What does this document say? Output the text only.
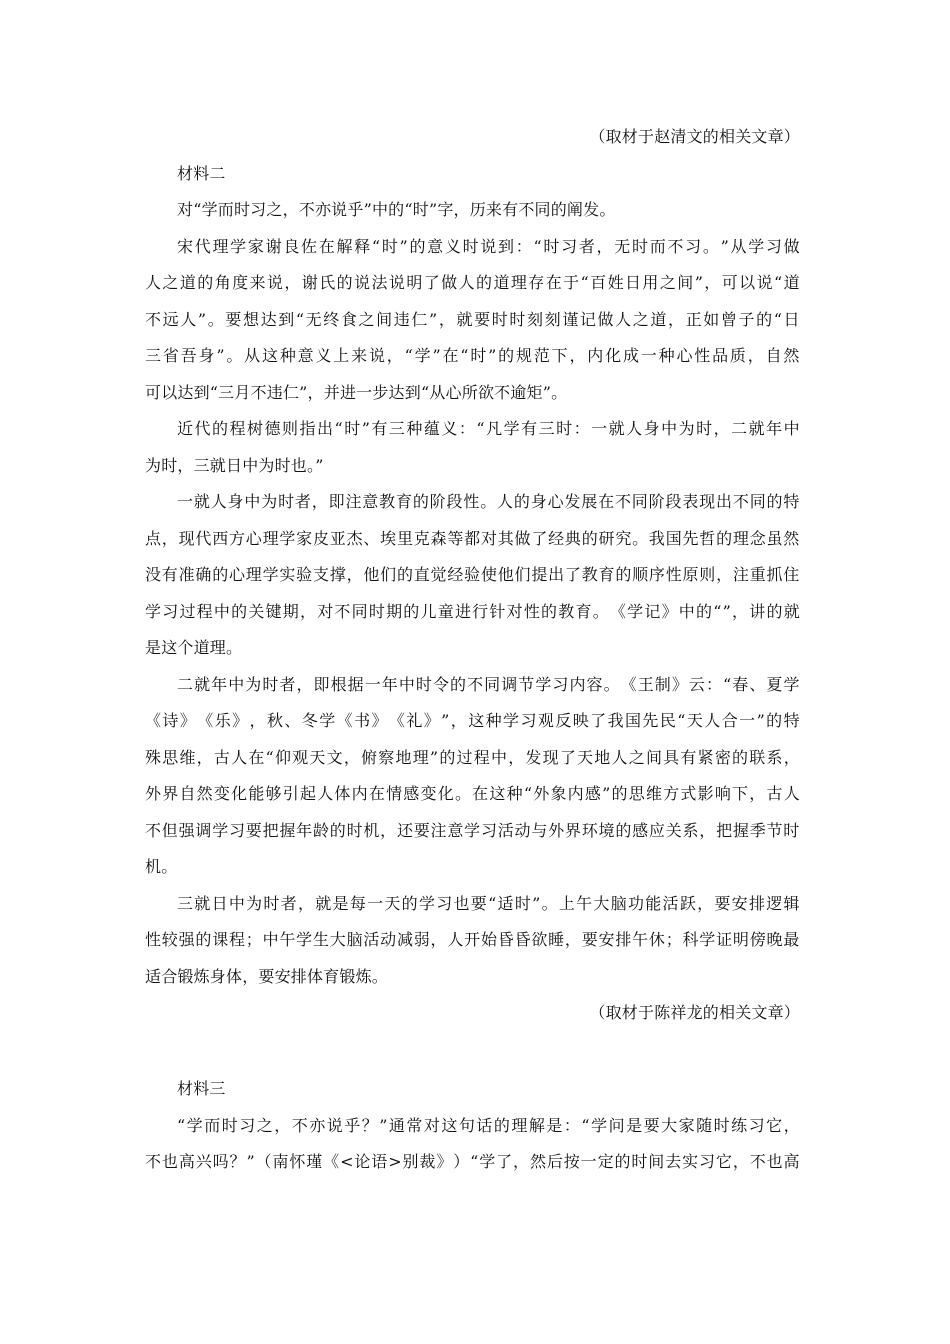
（取材于赵清文的相关文章）
材料二
对“学而时习之，不亦说乎”中的“时”字，历来有不同的阐发。
宋 代 理 学 家 谢 良 佐 在 解 释 “ 时 ” 的 意 义 时 说 到 ： “ 时 习 者 ， 无 时 而 不 习 。 ” 从 学 习 做
人 之 道 的 角 度 来 说 ， 谢 氏 的 说 法 说 明 了 做 人 的 道 理 存 在 于 “ 百 姓 日 用 之 间 ” ， 可 以 说 “ 道
不 远 人 ” 。 要 想 达 到 “ 无 终 食 之 间 违 仁 ” ， 就 要 时 时 刻 刻 谨 记 做 人 之 道 ， 正 如 曾 子 的 “ 日
三 省 吾 身 ” 。 从 这 种 意 义 上 来 说 ， “ 学 ” 在 “ 时 ” 的 规 范 下 ， 内 化 成 一 种 心 性 品 质 ， 自 然
可以达到“三月不违仁”，并进一步达到“从心所欲不逾矩”。
近 代 的 程 树 德 则 指 出 “ 时 ” 有 三 种 蕴 义 ： “ 凡 学 有 三 时 ： 一 就 人 身 中 为 时 ， 二 就 年 中
为时，三就日中为时也。”
一 就 人 身 中 为 时 者 ， 即 注 意 教 育 的 阶 段 性 。 人 的 身 心 发 展 在 不 同 阶 段 表 现 出 不 同 的 特
点 ， 现 代 西 方 心 理 学 家 皮 亚 杰 、 埃 里 克 森 等 都 对 其 做 了 经 典 的 研 究 。 我 国 先 哲 的 理 念 虽 然
没 有 准 确 的 心 理 学 实 验 支 撑 ， 他 们 的 直 觉 经 验 使 他 们 提 出 了 教 育 的 顺 序 性 原 则 ， 注 重 抓 住
学 习 过 程 中 的 关 键 期 ， 对 不 同 时 期 的 儿 童 进 行 针 对 性 的 教 育 。 《 学 记 》 中 的 “ ” ， 讲 的 就
是这个道理。
二 就 年 中 为 时 者 ， 即 根 据 一 年 中 时 令 的 不 同 调 节 学 习 内 容 。 《 王 制 》 云 ： “ 春 、 夏 学
《 诗 》 《 乐 》 ， 秋 、 冬 学 《 书 》 《 礼 》 ” ， 这 种 学 习 观 反 映 了 我 国 先 民 “ 天 人 合 一 ” 的 特
殊 思 维 ， 古 人 在 “ 仰 观 天 文 ， 俯 察 地 理 ” 的 过 程 中 ， 发 现 了 天 地 人 之 间 具 有 紧 密 的 联 系 ，
外 界 自 然 变 化 能 够 引 起 人 体 内 在 情 感 变 化 。 在 这 种 “ 外 象 内 感 ” 的 思 维 方 式 影 响 下 ， 古 人
不 但 强 调 学 习 要 把 握 年 龄 的 时 机 ， 还 要 注 意 学 习 活 动 与 外 界 环 境 的 感 应 关 系 ， 把 握 季 节 时
机。
三 就 日 中 为 时 者 ， 就 是 每 一 天 的 学 习 也 要 “ 适 时 ” 。 上 午 大 脑 功 能 活 跃 ， 要 安 排 逻 辑
性 较 强 的 课 程 ； 中 午 学 生 大 脑 活 动 减 弱 ， 人 开 始 昏 昏 欲 睡 ， 要 安 排 午 休 ； 科 学 证 明 傍 晚 最
适合锻炼身体，要安排体育锻炼。
（取材于陈祥龙的相关文章）
材料三
“ 学 而 时 习 之 ， 不 亦 说 乎 ？ ” 通 常 对 这 句 话 的 理 解 是 ： “ 学 问 是 要 大 家 随 时 练 习 它 ，
不 也 高 兴 吗 ？ ” （ 南 怀 瑾 《 < 论 语 > 别 裁 》 ） “ 学 了 ， 然 后 按 一 定 的 时 间 去 实 习 它 ， 不 也 高
